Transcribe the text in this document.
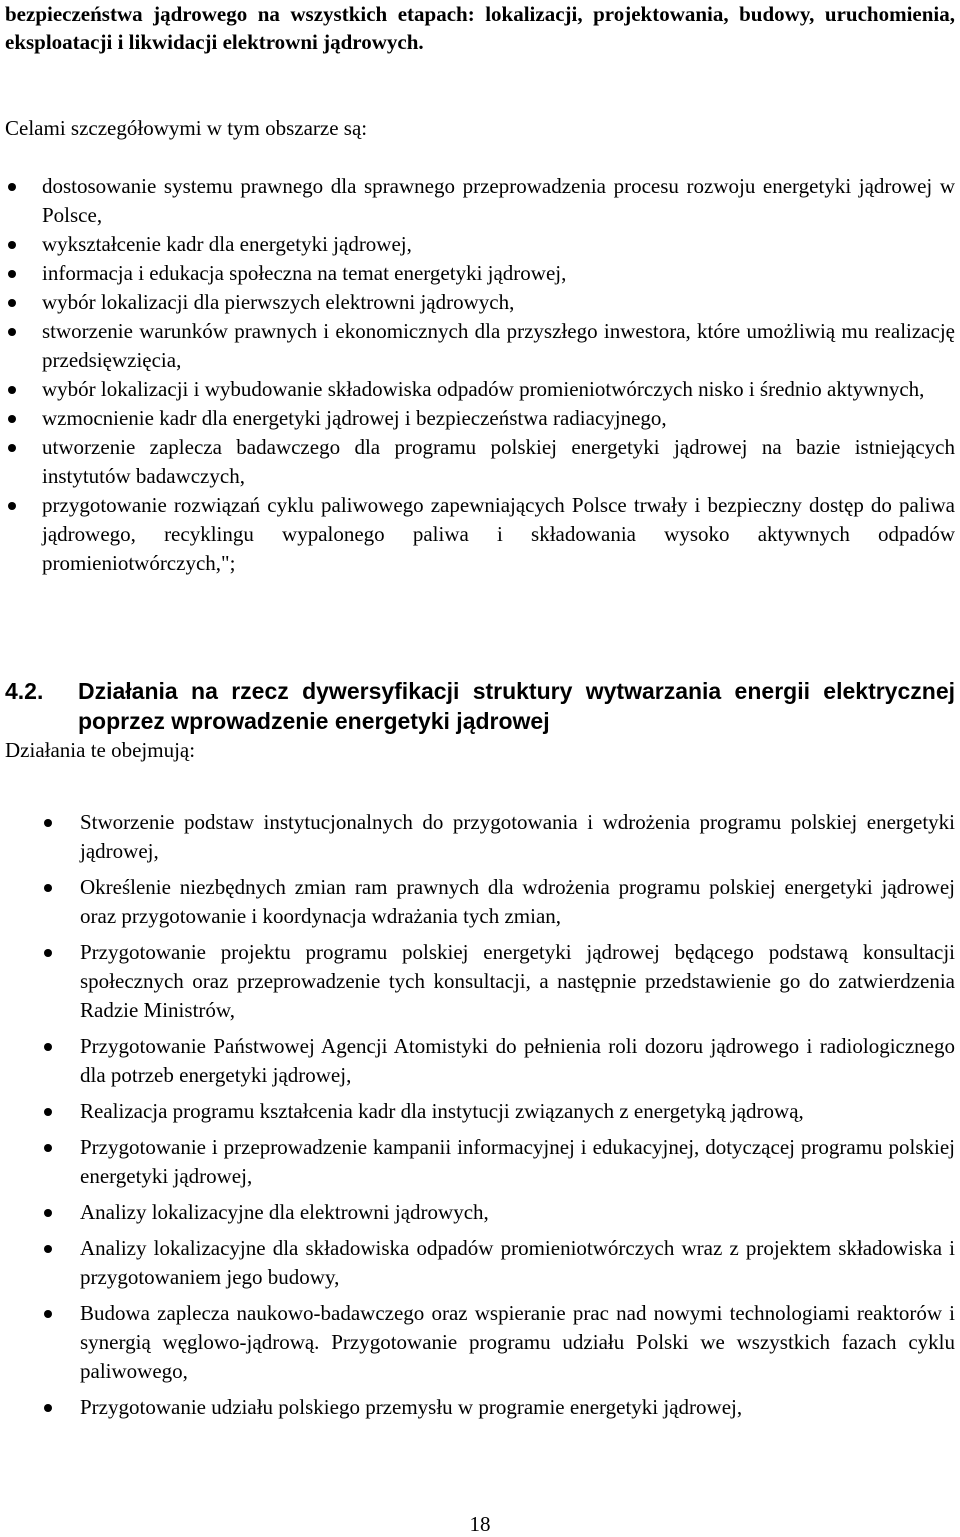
bezpieczeństwa jądrowego na wszystkich etapach: lokalizacji, projektowania, budowy, uruchomienia, eksploatacji i likwidacji elektrowni jądrowych.
Celami szczegółowymi w tym obszarze są:
dostosowanie systemu prawnego dla sprawnego przeprowadzenia procesu rozwoju energetyki jądrowej w Polsce,
wykształcenie kadr dla energetyki jądrowej,
informacja i edukacja społeczna na temat energetyki jądrowej,
wybór lokalizacji dla pierwszych elektrowni jądrowych,
stworzenie warunków prawnych i ekonomicznych dla przyszłego inwestora, które umożliwią mu realizację przedsięwzięcia,
wybór lokalizacji i wybudowanie składowiska odpadów promieniotwórczych nisko i średnio aktywnych,
wzmocnienie kadr dla energetyki jądrowej i bezpieczeństwa radiacyjnego,
utworzenie zaplecza badawczego dla programu polskiej energetyki jądrowej na bazie istniejących instytutów badawczych,
przygotowanie rozwiązań cyklu paliwowego zapewniających Polsce trwały i bezpieczny dostęp do paliwa jądrowego, recyklingu wypalonego paliwa i składowania wysoko aktywnych odpadów promieniotwórczych,";
4.2. Działania na rzecz dywersyfikacji struktury wytwarzania energii elektrycznej poprzez wprowadzenie energetyki jądrowej
Działania te obejmują:
Stworzenie podstaw instytucjonalnych do przygotowania i wdrożenia programu polskiej energetyki jądrowej,
Określenie niezbędnych zmian ram prawnych dla wdrożenia programu polskiej energetyki jądrowej oraz przygotowanie i koordynacja wdrażania tych zmian,
Przygotowanie projektu programu polskiej energetyki jądrowej będącego podstawą konsultacji społecznych oraz przeprowadzenie tych konsultacji, a następnie przedstawienie go do zatwierdzenia Radzie Ministrów,
Przygotowanie Państwowej Agencji Atomistyki do pełnienia roli dozoru jądrowego i radiologicznego dla potrzeb energetyki jądrowej,
Realizacja programu kształcenia kadr dla instytucji związanych z energetyką jądrową,
Przygotowanie i przeprowadzenie kampanii informacyjnej i edukacyjnej, dotyczącej programu polskiej energetyki jądrowej,
Analizy lokalizacyjne dla elektrowni jądrowych,
Analizy lokalizacyjne dla składowiska odpadów promieniotwórczych wraz z projektem składowiska i przygotowaniem jego budowy,
Budowa zaplecza naukowo-badawczego oraz wspieranie prac nad nowymi technologiami reaktorów i synergią węglowo-jądrową. Przygotowanie programu udziału Polski we wszystkich fazach cyklu paliwowego,
Przygotowanie udziału polskiego przemysłu w programie energetyki jądrowej,
18
